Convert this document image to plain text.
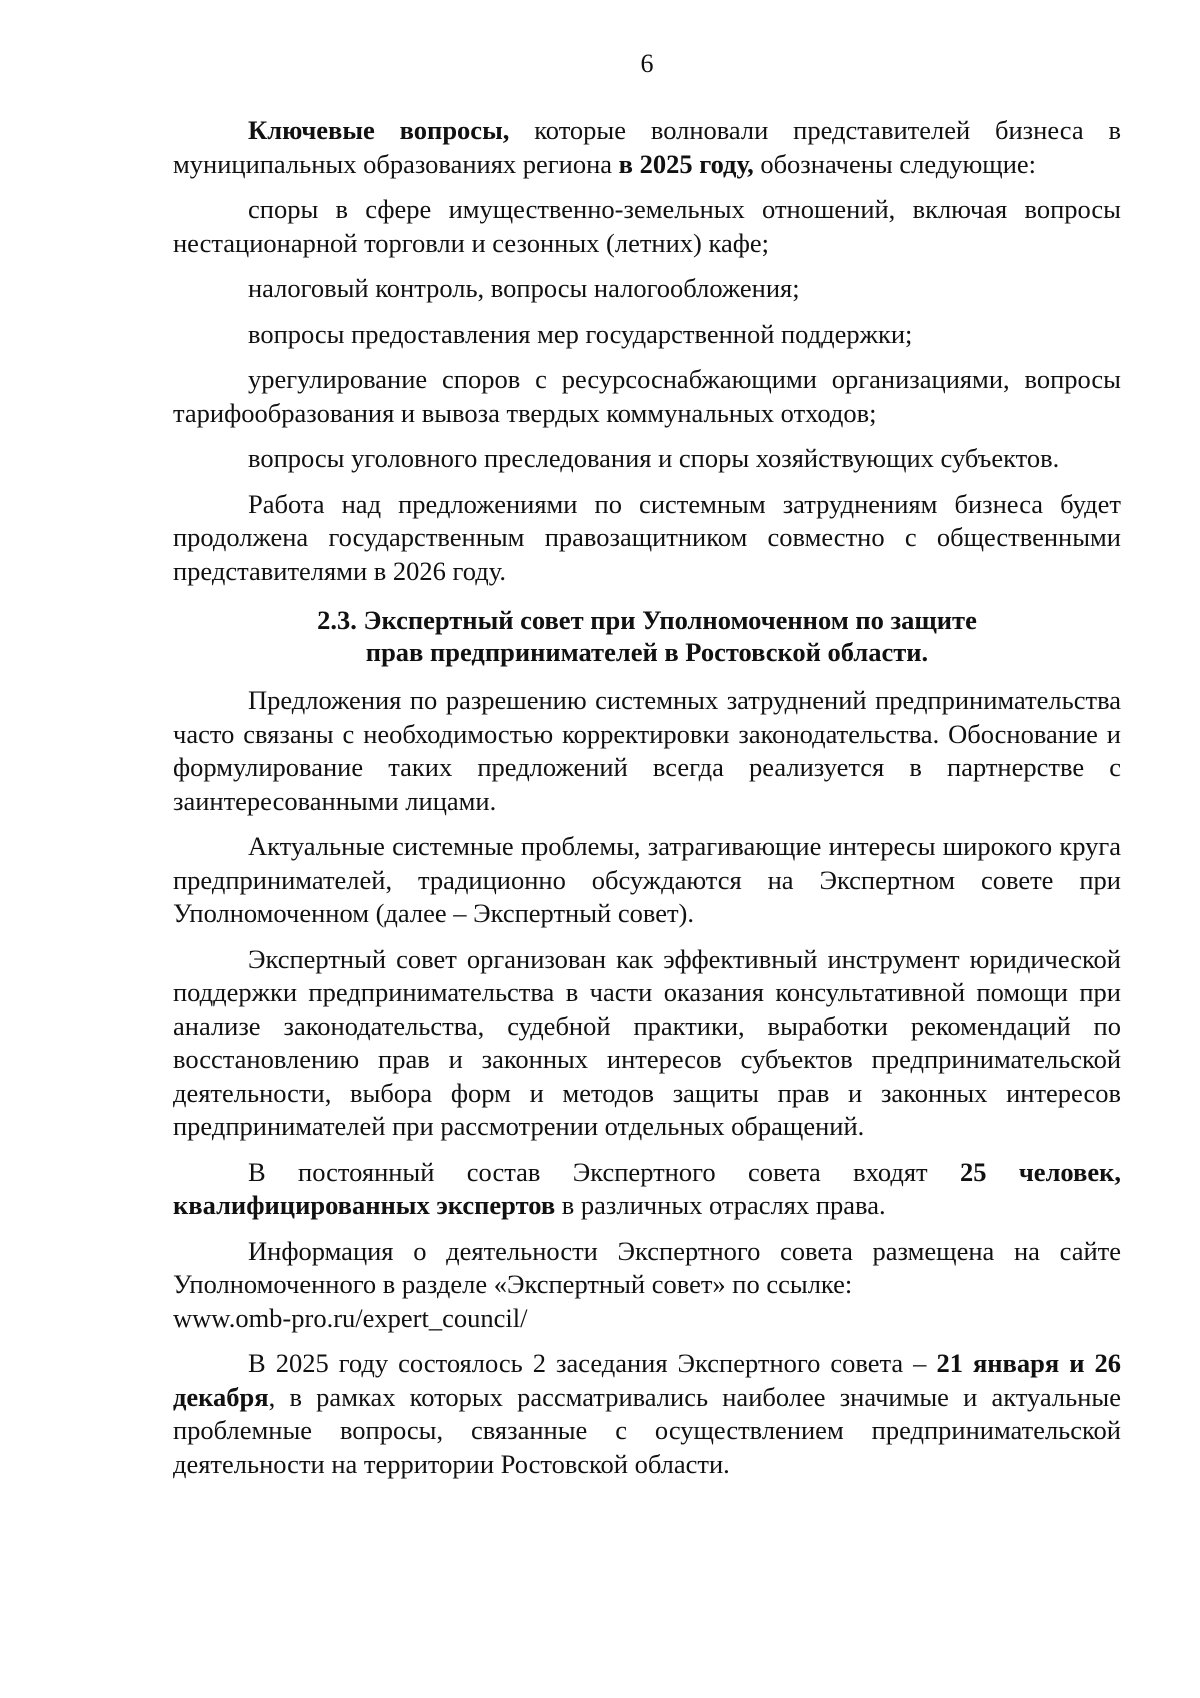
6

Ключевые вопросы, которые волновали представителей бизнеса в муниципальных образованиях региона в 2025 году, обозначены следующие:

споры в сфере имущественно-земельных отношений, включая вопросы нестационарной торговли и сезонных (летних) кафе;

налоговый контроль, вопросы налогообложения;

вопросы предоставления мер государственной поддержки;

урегулирование споров с ресурсоснабжающими организациями, вопросы тарифообразования и вывоза твердых коммунальных отходов;

вопросы уголовного преследования и споры хозяйствующих субъектов.

Работа над предложениями по системным затруднениям бизнеса будет продолжена государственным правозащитником совместно с общественными представителями в 2026 году.

2.3. Экспертный совет при Уполномоченном по защите
прав предпринимателей в Ростовской области.

Предложения по разрешению системных затруднений предпринимательства часто связаны с необходимостью корректировки законодательства. Обоснование и формулирование таких предложений всегда реализуется в партнерстве с заинтересованными лицами.

Актуальные системные проблемы, затрагивающие интересы широкого круга предпринимателей, традиционно обсуждаются на Экспертном совете при Уполномоченном (далее – Экспертный совет).

Экспертный совет организован как эффективный инструмент юридической поддержки предпринимательства в части оказания консультативной помощи при анализе законодательства, судебной практики, выработки рекомендаций по восстановлению прав и законных интересов субъектов предпринимательской деятельности, выбора форм и методов защиты прав и законных интересов предпринимателей при рассмотрении отдельных обращений.

В постоянный состав Экспертного совета входят 25 человек, квалифицированных экспертов в различных отраслях права.

Информация о деятельности Экспертного совета размещена на сайте Уполномоченного в разделе «Экспертный совет» по ссылке:
www.omb-pro.ru/expert_council/

В 2025 году состоялось 2 заседания Экспертного совета – 21 января и 26 декабря, в рамках которых рассматривались наиболее значимые и актуальные проблемные вопросы, связанные с осуществлением предпринимательской деятельности на территории Ростовской области.
